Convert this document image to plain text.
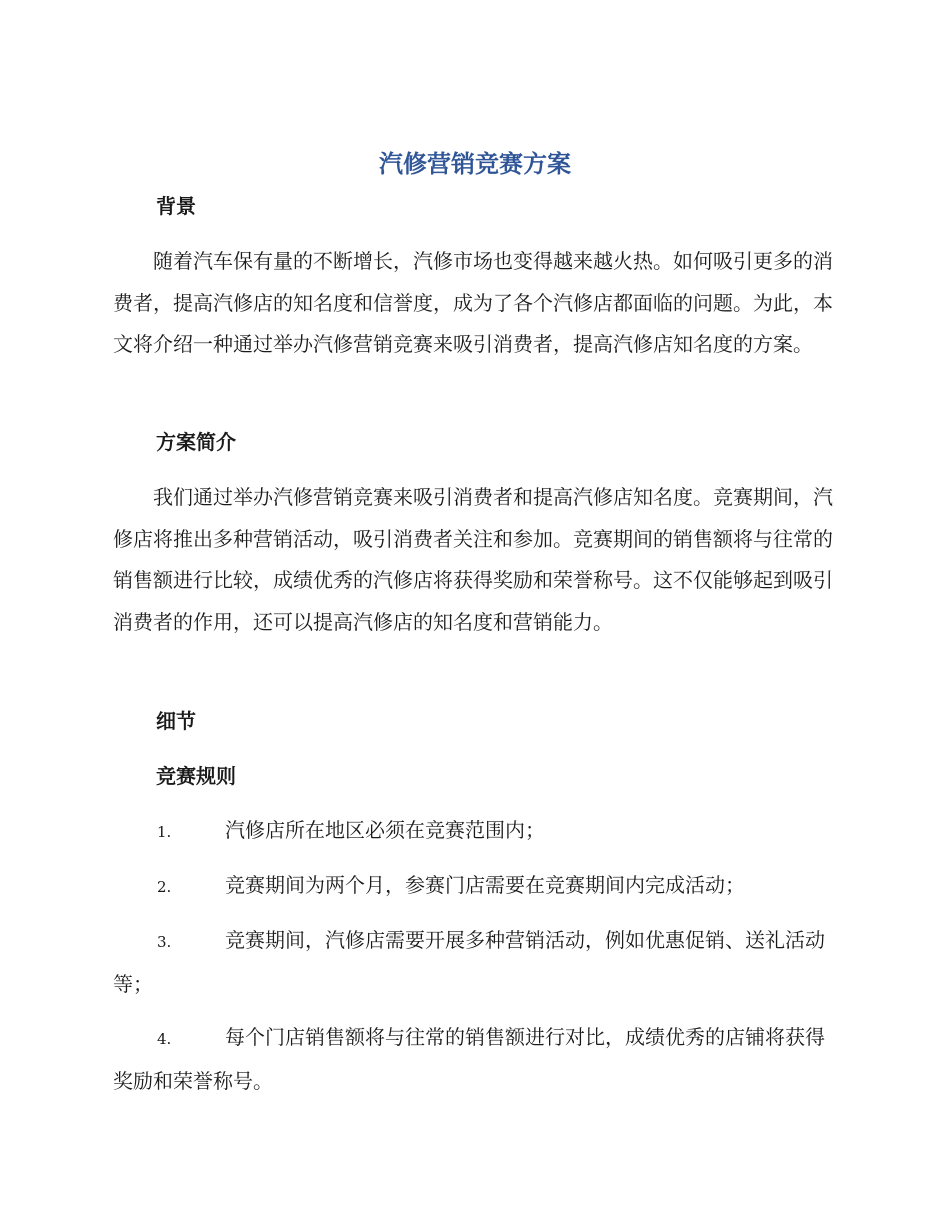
汽修营销竞赛方案
背景
随着汽车保有量的不断增长，汽修市场也变得越来越火热。如何吸引更多的消费者，提高汽修店的知名度和信誉度，成为了各个汽修店都面临的问题。为此，本文将介绍一种通过举办汽修营销竞赛来吸引消费者，提高汽修店知名度的方案。
方案简介
我们通过举办汽修营销竞赛来吸引消费者和提高汽修店知名度。竞赛期间，汽修店将推出多种营销活动，吸引消费者关注和参加。竞赛期间的销售额将与往常的销售额进行比较，成绩优秀的汽修店将获得奖励和荣誉称号。这不仅能够起到吸引消费者的作用，还可以提高汽修店的知名度和营销能力。
细节
竞赛规则
1.	汽修店所在地区必须在竞赛范围内；
2.	竞赛期间为两个月，参赛门店需要在竞赛期间内完成活动；
3.	竞赛期间，汽修店需要开展多种营销活动，例如优惠促销、送礼活动等；
4.	每个门店销售额将与往常的销售额进行对比，成绩优秀的店铺将获得奖励和荣誉称号。
